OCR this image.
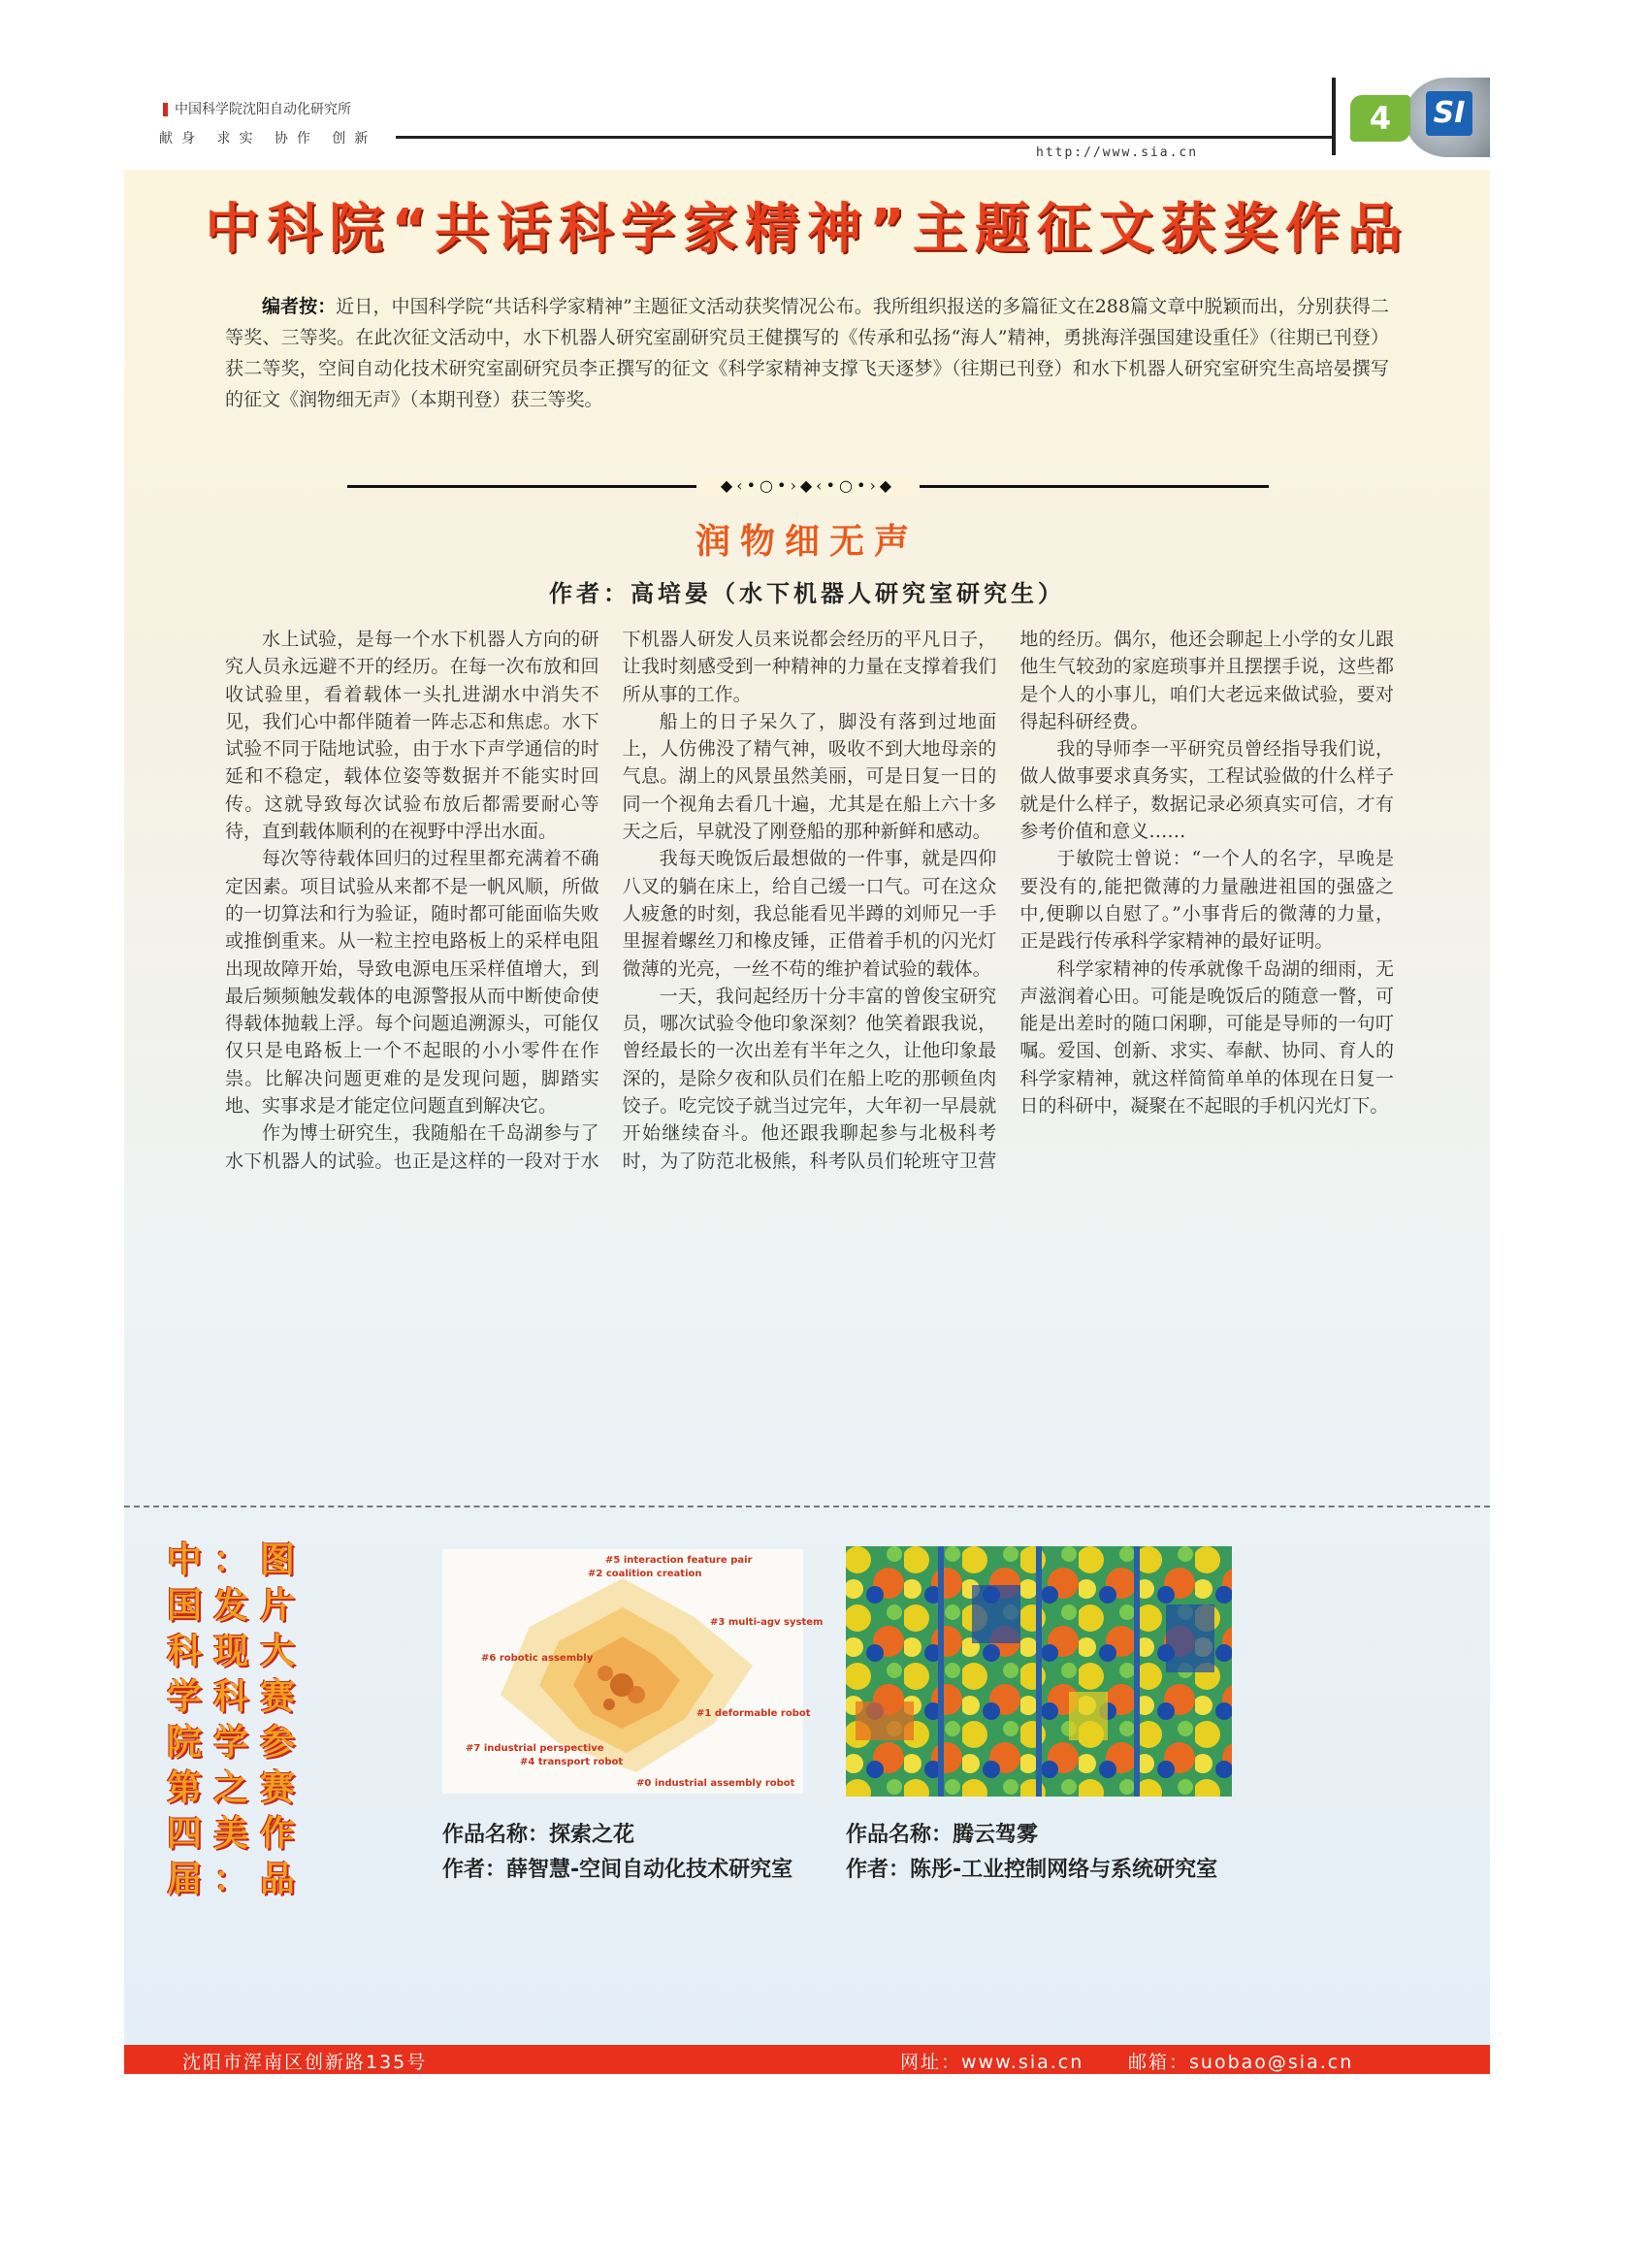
中国科学院沈阳自动化研究所
献身 求实 协作 创新
http://www.sia.cn
SI
4
中科院“共话科学家精神”主题征文获奖作品
编者按：近日，中国科学院“共话科学家精神”主题征文活动获奖情况公布。我所组织报送的多篇征文在288篇文章中脱颖而出，分别获得二等奖、三等奖。在此次征文活动中，水下机器人研究室副研究员王健撰写的《传承和弘扬“海人”精神，勇挑海洋强国建设重任》（往期已刊登）获二等奖，空间自动化技术研究室副研究员李正撰写的征文《科学家精神支撑飞天逐梦》（往期已刊登）和水下机器人研究室研究生高培晏撰写的征文《润物细无声》（本期刊登）获三等奖。
◆‹•○•›◆‹•○•›◆
润物细无声
作者：高培晏（水下机器人研究室研究生）

水上试验，是每一个水下机器人方向的研究人员永远避不开的经历。在每一次布放和回收试验里，看着载体一头扎进湖水中消失不见，我们心中都伴随着一阵忐忑和焦虑。水下试验不同于陆地试验，由于水下声学通信的时延和不稳定，载体位姿等数据并不能实时回传。这就导致每次试验布放后都需要耐心等待，直到载体顺利的在视野中浮出水面。

每次等待载体回归的过程里都充满着不确定因素。项目试验从来都不是一帆风顺，所做的一切算法和行为验证，随时都可能面临失败或推倒重来。从一粒主控电路板上的采样电阻出现故障开始，导致电源电压采样值增大，到最后频频触发载体的电源警报从而中断使命使得载体抛载上浮。每个问题追溯源头，可能仅仅只是电路板上一个不起眼的小小零件在作祟。比解决问题更难的是发现问题，脚踏实地、实事求是才能定位问题直到解决它。

作为博士研究生，我随船在千岛湖参与了水下机器人的试验。也正是这样的一段对于水下机器人研发人员来说都会经历的平凡日子，让我时刻感受到一种精神的力量在支撑着我们所从事的工作。

船上的日子呆久了，脚没有落到过地面上，人仿佛没了精气神，吸收不到大地母亲的气息。湖上的风景虽然美丽，可是日复一日的同一个视角去看几十遍，尤其是在船上六十多天之后，早就没了刚登船的那种新鲜和感动。

我每天晚饭后最想做的一件事，就是四仰八叉的躺在床上，给自己缓一口气。可在这众人疲惫的时刻，我总能看见半蹲的刘师兄一手里握着螺丝刀和橡皮锤，正借着手机的闪光灯微薄的光亮，一丝不苟的维护着试验的载体。

一天，我问起经历十分丰富的曾俊宝研究员，哪次试验令他印象深刻？他笑着跟我说，曾经最长的一次出差有半年之久，让他印象最深的，是除夕夜和队员们在船上吃的那顿鱼肉饺子。吃完饺子就当过完年，大年初一早晨就开始继续奋斗。他还跟我聊起参与北极科考时，为了防范北极熊，科考队员们轮班守卫营地的经历。偶尔，他还会聊起上小学的女儿跟他生气较劲的家庭琐事并且摆摆手说，这些都是个人的小事儿，咱们大老远来做试验，要对得起科研经费。

我的导师李一平研究员曾经指导我们说，做人做事要求真务实，工程试验做的什么样子就是什么样子，数据记录必须真实可信，才有参考价值和意义……

于敏院士曾说：“一个人的名字，早晚是要没有的,能把微薄的力量融进祖国的强盛之中,便聊以自慰了。”小事背后的微薄的力量，正是践行传承科学家精神的最好证明。

科学家精神的传承就像千岛湖的细雨，无声滋润着心田。可能是晚饭后的随意一瞥，可能是出差时的随口闲聊，可能是导师的一句叮嘱。爱国、创新、求实、奉献、协同、育人的科学家精神，就这样简简单单的体现在日复一日的科研中，凝聚在不起眼的手机闪光灯下。

中
国
科
学
院
第
四
届
：
发
现
科
学
之
美
：
图
片
大
赛
参
赛
作
品
#5 interaction feature pair
#2 coalition creation
#3 multi-agv system
#6 robotic assembly
#1 deformable robot
#7 industrial perspective
#4 transport robot
#0 industrial assembly robot
作品名称：探索之花
作者：薛智慧-空间自动化技术研究室
作品名称：腾云驾雾
作者：陈彤-工业控制网络与系统研究室
沈阳市浑南区创新路135号	网址：www.sia.cn 邮箱：suobao@sia.cn
